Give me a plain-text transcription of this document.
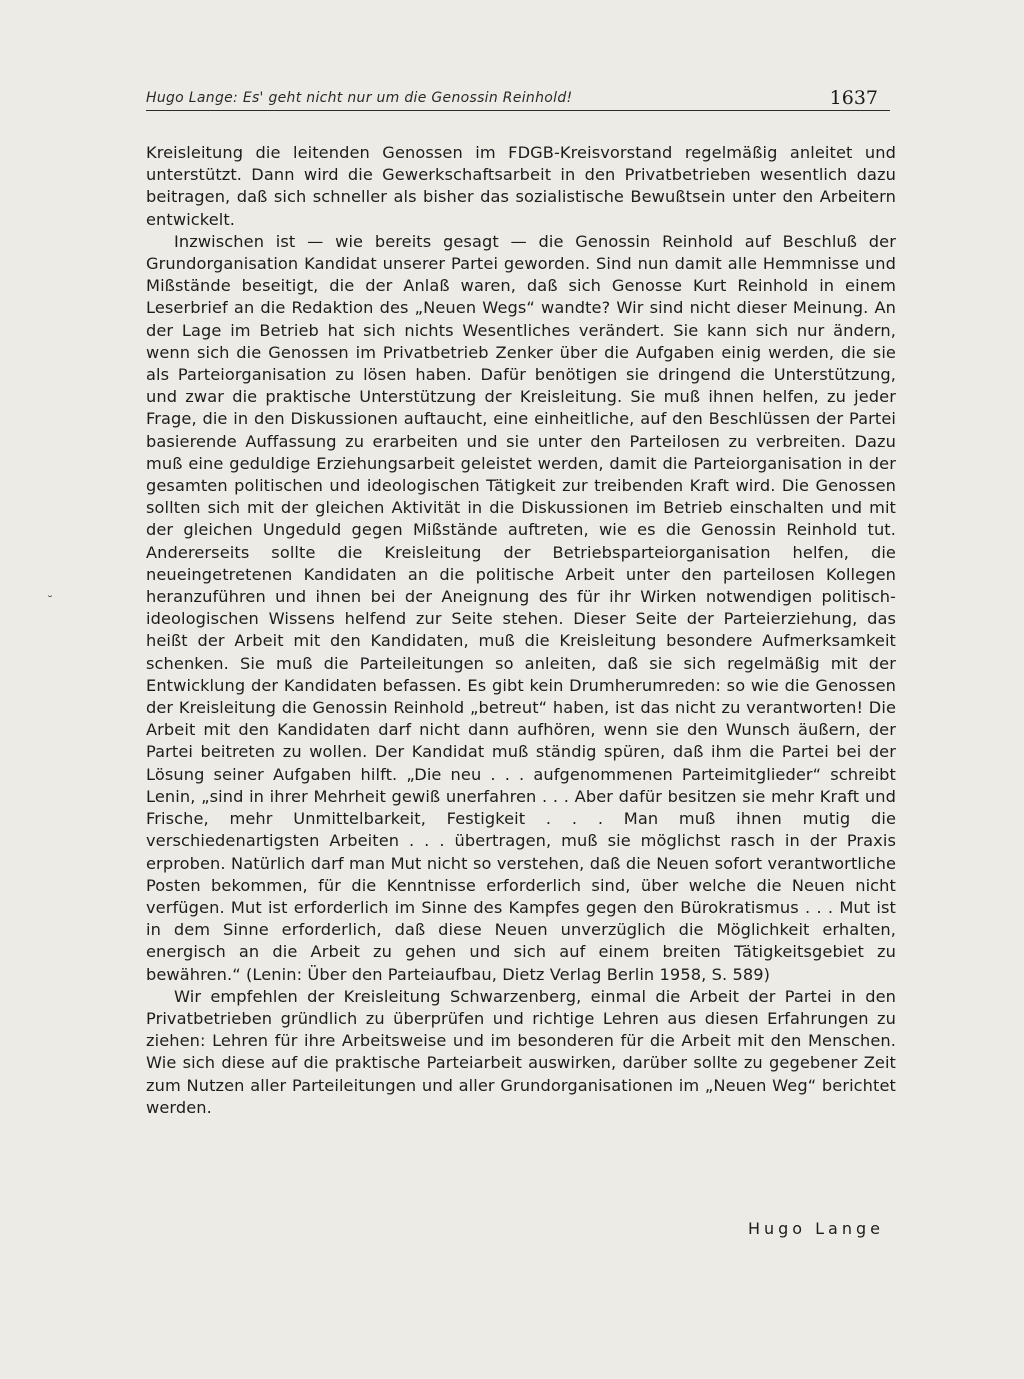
Hugo Lange: Es' geht nicht nur um die Genossin Reinhold!	1637
˘

Kreisleitung die leitenden Genossen im FDGB-Kreisvorstand regelmäßig anleitet und unterstützt. Dann wird die Gewerkschaftsarbeit in den Privatbetrieben wesentlich dazu beitragen, daß sich schneller als bisher das sozialistische Bewußtsein unter den Arbeitern entwickelt.

Inzwischen ist — wie bereits gesagt — die Genossin Reinhold auf Beschluß der Grundorganisation Kandidat unserer Partei geworden. Sind nun damit alle Hemmnisse und Mißstände beseitigt, die der Anlaß waren, daß sich Genosse Kurt Reinhold in einem Leserbrief an die Redaktion des „Neuen Wegs“ wandte? Wir sind nicht dieser Meinung. An der Lage im Betrieb hat sich nichts Wesentliches verändert. Sie kann sich nur ändern, wenn sich die Genossen im Privatbetrieb Zenker über die Aufgaben einig werden, die sie als Parteiorganisation zu lösen haben. Dafür benötigen sie dringend die Unterstützung, und zwar die praktische Unterstützung der Kreisleitung. Sie muß ihnen helfen, zu jeder Frage, die in den Diskussionen auftaucht, eine einheitliche, auf den Beschlüssen der Partei basierende Auffassung zu erarbeiten und sie unter den Parteilosen zu verbreiten. Dazu muß eine geduldige Erziehungsarbeit geleistet werden, damit die Parteiorganisation in der gesamten politischen und ideologischen Tätigkeit zur treibenden Kraft wird. Die Genossen sollten sich mit der gleichen Aktivität in die Diskussionen im Betrieb einschalten und mit der gleichen Ungeduld gegen Mißstände auftreten, wie es die Genossin Reinhold tut. Andererseits sollte die Kreisleitung der Betriebsparteiorganisation helfen, die neueingetretenen Kandidaten an die politische Arbeit unter den parteilosen Kollegen heranzuführen und ihnen bei der Aneignung des für ihr Wirken notwendigen politisch-ideologischen Wissens helfend zur Seite stehen. Dieser Seite der Parteierziehung, das heißt der Arbeit mit den Kandidaten, muß die Kreisleitung besondere Aufmerksamkeit schenken. Sie muß die Parteileitungen so anleiten, daß sie sich regelmäßig mit der Entwicklung der Kandidaten befassen. Es gibt kein Drumherumreden: so wie die Genossen der Kreisleitung die Genossin Reinhold „betreut“ haben, ist das nicht zu verantworten! Die Arbeit mit den Kandidaten darf nicht dann aufhören, wenn sie den Wunsch äußern, der Partei beitreten zu wollen. Der Kandidat muß ständig spüren, daß ihm die Partei bei der Lösung seiner Aufgaben hilft. „Die neu . . . aufgenommenen Parteimitglieder“ schreibt Lenin, „sind in ihrer Mehrheit gewiß unerfahren . . . Aber dafür besitzen sie mehr Kraft und Frische, mehr Unmittelbarkeit, Festigkeit . . . Man muß ihnen mutig die verschiedenartigsten Arbeiten . . . übertragen, muß sie möglichst rasch in der Praxis erproben. Natürlich darf man Mut nicht so verstehen, daß die Neuen sofort verantwortliche Posten bekommen, für die Kenntnisse erforderlich sind, über welche die Neuen nicht verfügen. Mut ist erforderlich im Sinne des Kampfes gegen den Bürokratismus . . . Mut ist in dem Sinne erforderlich, daß diese Neuen unverzüglich die Möglichkeit erhalten, energisch an die Arbeit zu gehen und sich auf einem breiten Tätigkeitsgebiet zu bewähren.“ (Lenin: Über den Parteiaufbau, Dietz Verlag Berlin 1958, S. 589)

Wir empfehlen der Kreisleitung Schwarzenberg, einmal die Arbeit der Partei in den Privatbetrieben gründlich zu überprüfen und richtige Lehren aus diesen Erfahrungen zu ziehen: Lehren für ihre Arbeitsweise und im besonderen für die Arbeit mit den Menschen. Wie sich diese auf die praktische Parteiarbeit auswirken, darüber sollte zu gegebener Zeit zum Nutzen aller Parteileitungen und aller Grundorganisationen im „Neuen Weg“ berichtet werden.

Hugo Lange
